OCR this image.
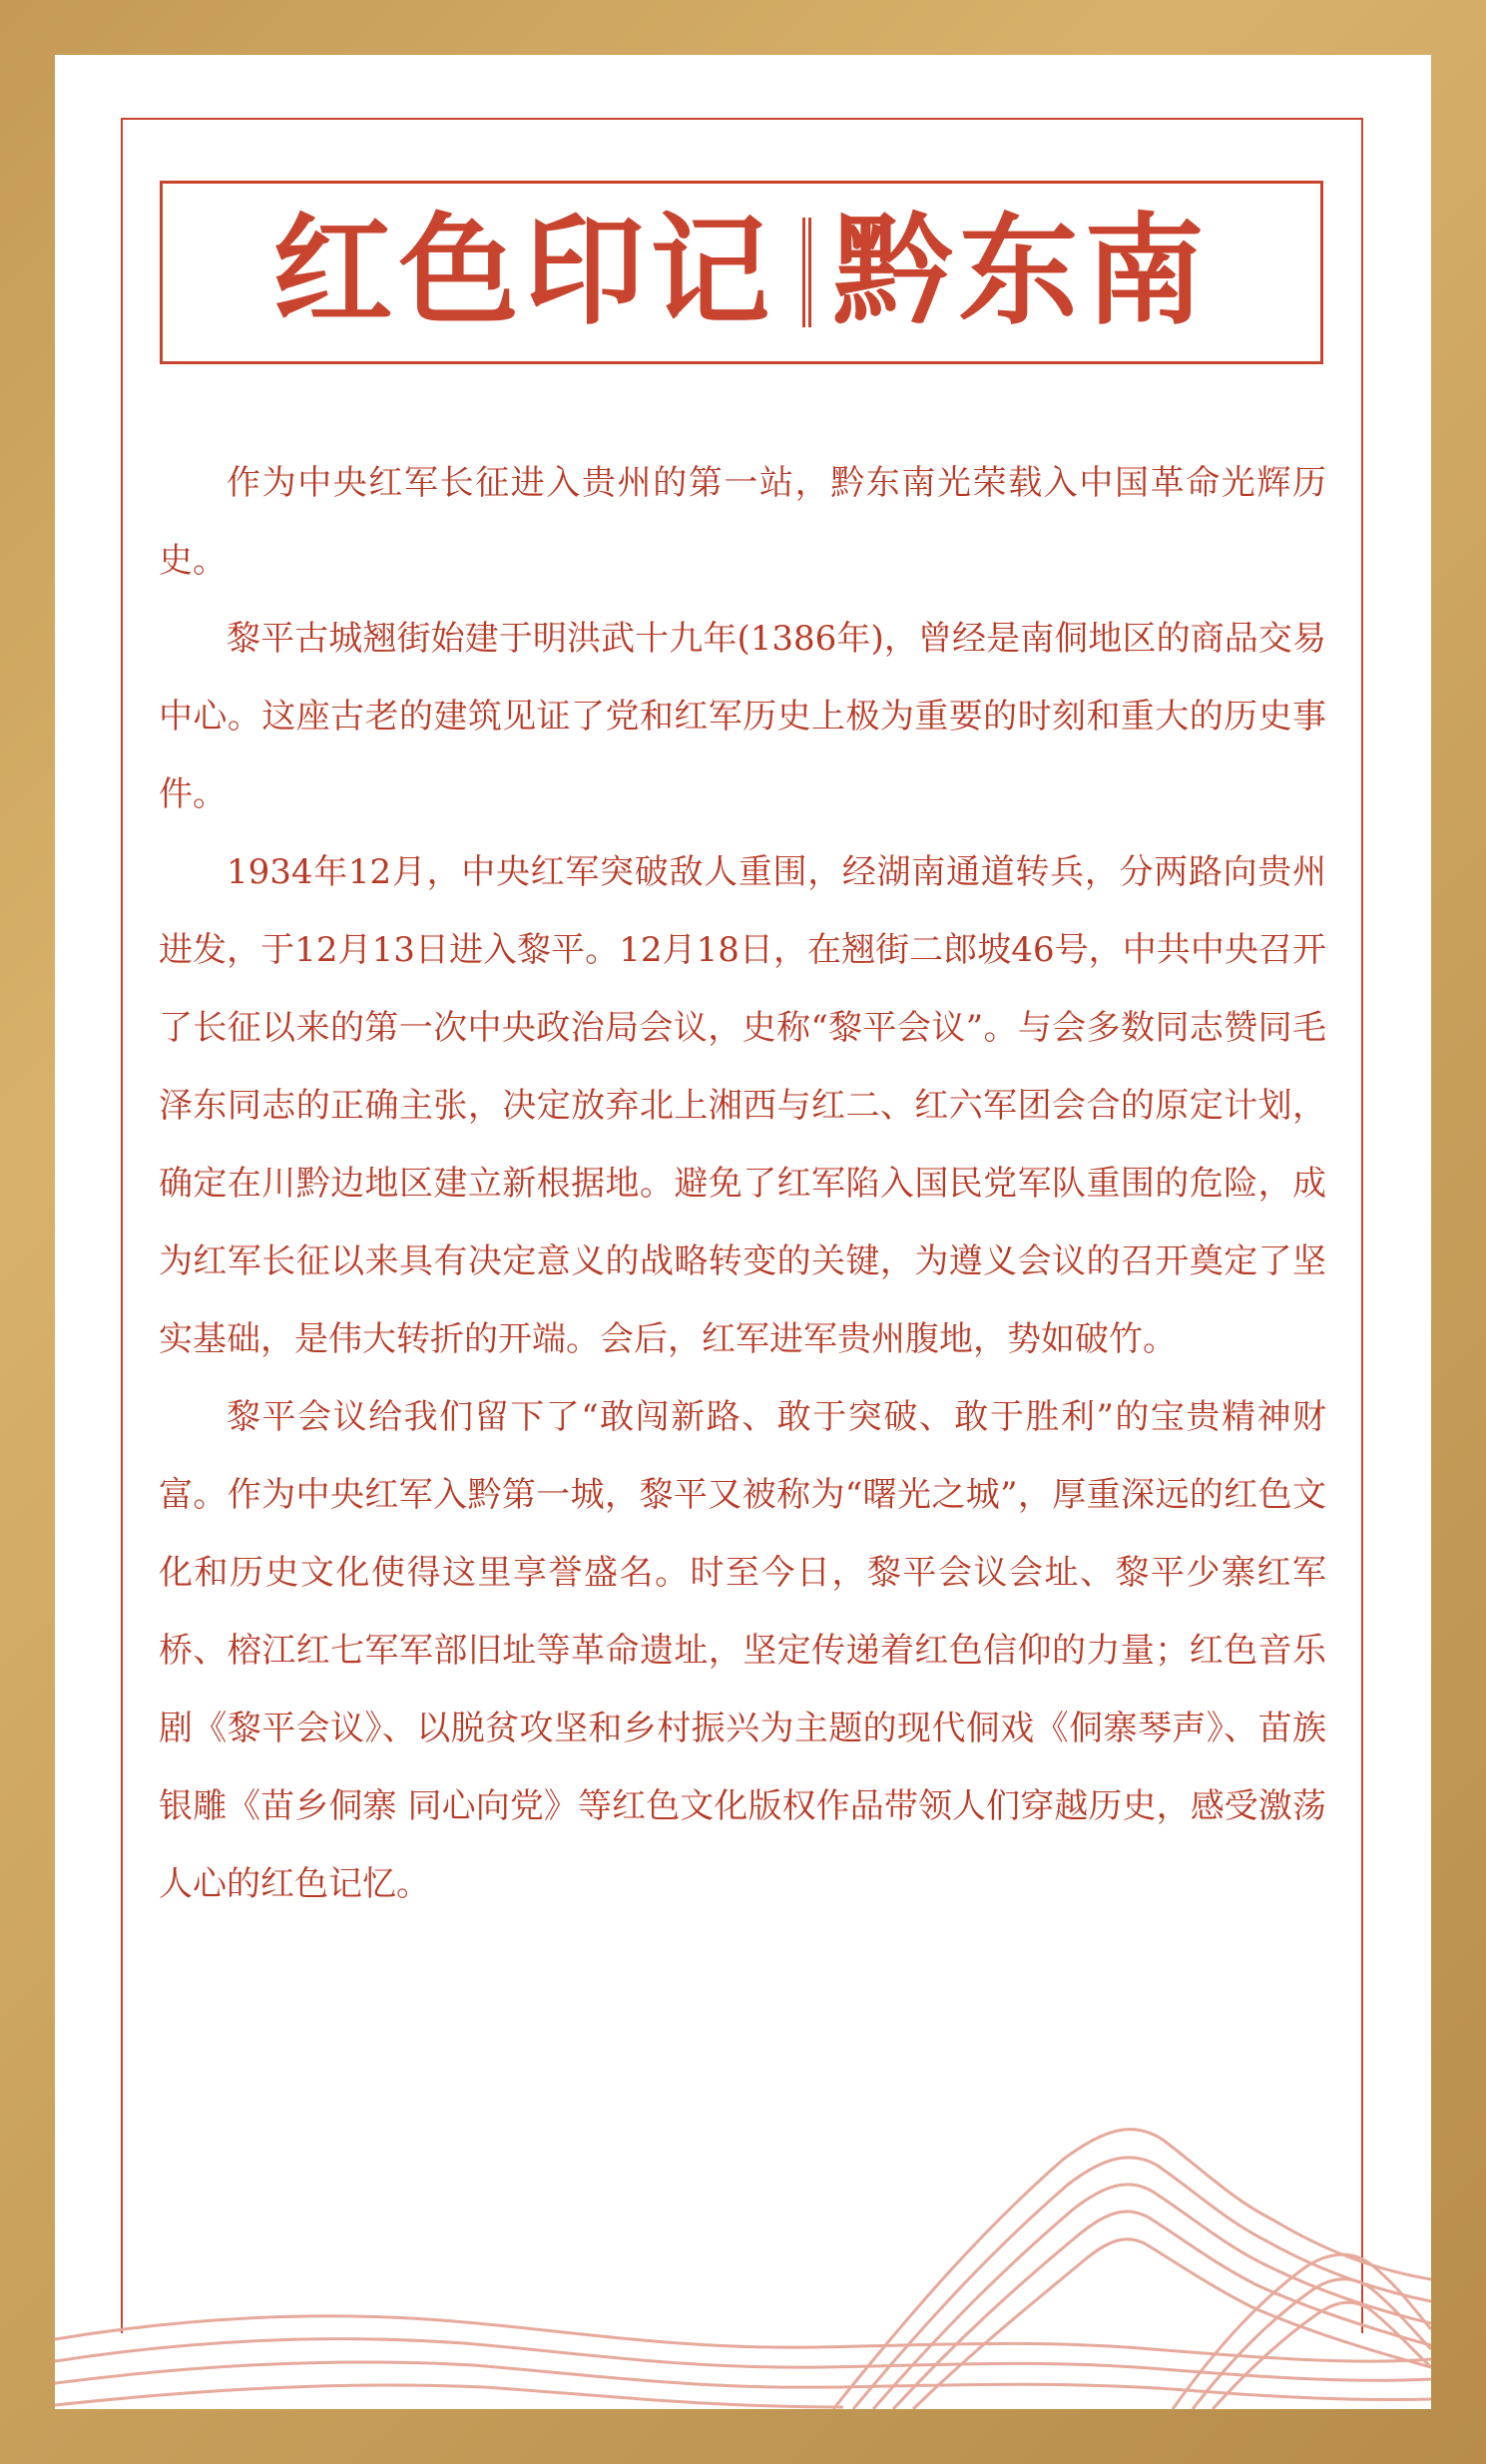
红色印记 黔东南

作为中央红军长征进入贵州的第一站，黔东南光荣载入中国革命光辉历史。

黎平古城翘街始建于明洪武十九年(1386年)，曾经是南侗地区的商品交易中心。这座古老的建筑见证了党和红军历史上极为重要的时刻和重大的历史事件。

1934年12月，中央红军突破敌人重围，经湖南通道转兵，分两路向贵州进发，于12月13日进入黎平。12月18日，在翘街二郎坡46号，中共中央召开了长征以来的第一次中央政治局会议，史称“黎平会议”。与会多数同志赞同毛泽东同志的正确主张，决定放弃北上湘西与红二、红六军团会合的原定计划，确定在川黔边地区建立新根据地。避免了红军陷入国民党军队重围的危险，成为红军长征以来具有决定意义的战略转变的关键，为遵义会议的召开奠定了坚实基础，是伟大转折的开端。会后，红军进军贵州腹地，势如破竹。

黎平会议给我们留下了“敢闯新路、敢于突破、敢于胜利”的宝贵精神财富。作为中央红军入黔第一城，黎平又被称为“曙光之城”，厚重深远的红色文化和历史文化使得这里享誉盛名。时至今日，黎平会议会址、黎平少寨红军桥、榕江红七军军部旧址等革命遗址，坚定传递着红色信仰的力量；红色音乐剧《黎平会议》、以脱贫攻坚和乡村振兴为主题的现代侗戏《侗寨琴声》、苗族银雕《苗乡侗寨 同心向党》等红色文化版权作品带领人们穿越历史，感受激荡人心的红色记忆。
